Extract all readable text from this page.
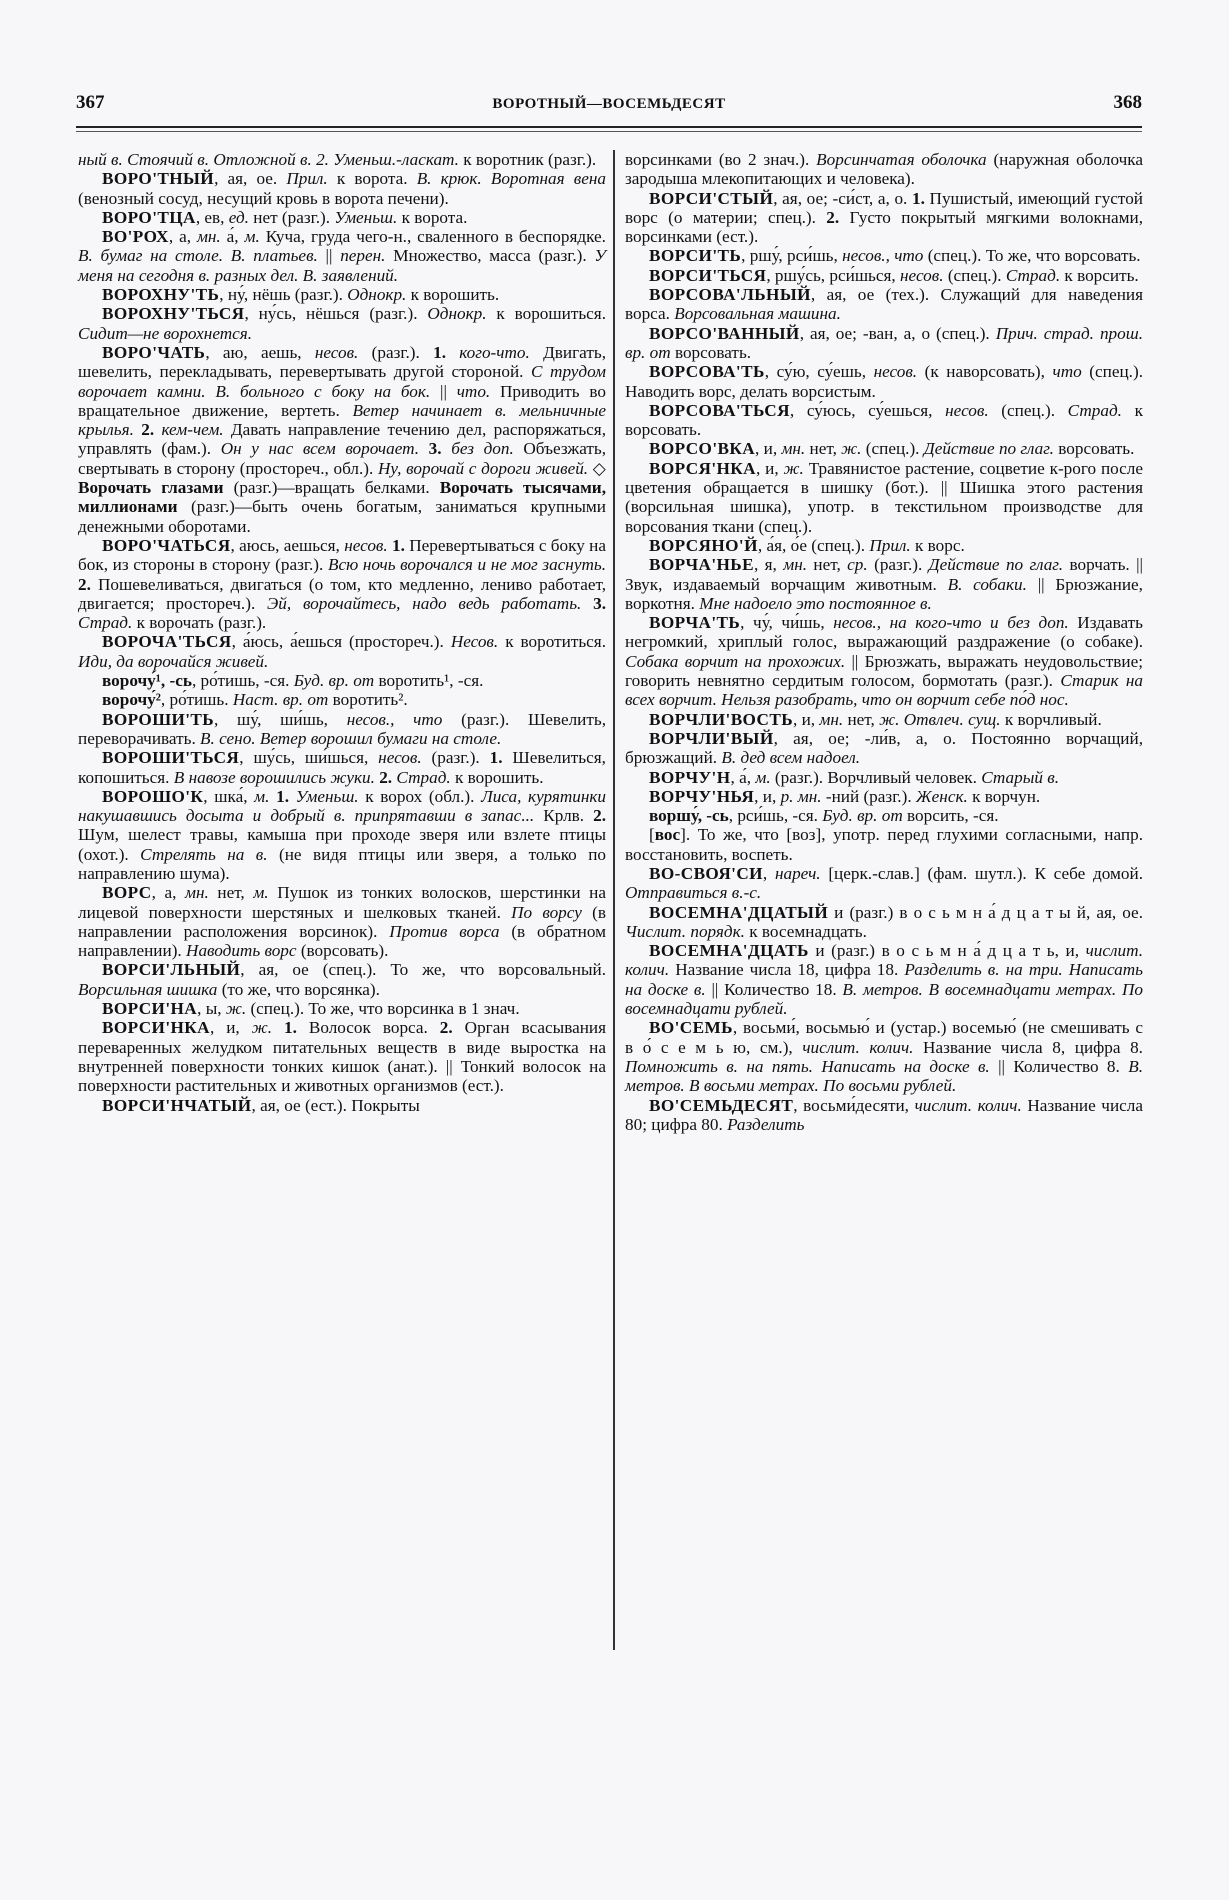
367	ВОРОТНЫЙ—ВОСЕМЬДЕСЯТ	368

ный в. Стоячий в. Отложной в. 2. Уменьш.-ласкат. к воротник (разг.).

ВОРО'ТНЫЙ, ая, ое. Прил. к ворота. В. крюк. Воротная вена (венозный сосуд, несущий кровь в ворота печени).

ВОРО'ТЦА, ев, ед. нет (разг.). Уменьш. к ворота.

ВО'РОХ, а, мн. а́, м. Куча, груда чего-н., сваленного в беспорядке. В. бумаг на столе. В. платьев. || перен. Множество, масса (разг.). У меня на сегодня в. разных дел. В. заявлений.

ВОРОХНУ'ТЬ, ну́, нёшь (разг.). Однокр. к ворошить.

ВОРОХНУ'ТЬСЯ, ну́сь, нёшься (разг.). Однокр. к ворошиться. Сидит—не ворохнется.

ВОРО'ЧАТЬ, аю, аешь, несов. (разг.). 1. кого-что. Двигать, шевелить, перекладывать, перевертывать другой стороной. С трудом ворочает камни. В. больного с боку на бок. || что. Приводить во вращательное движение, вертеть. Ветер начинает в. мельничные крылья. 2. кем-чем. Давать направление течению дел, распоряжаться, управлять (фам.). Он у нас всем ворочает. 3. без доп. Объезжать, свертывать в сторону (простореч., обл.). Ну, ворочай с дороги живей. ◇ Ворочать глазами (разг.)—вращать белками. Ворочать тысячами, миллионами (разг.)—быть очень богатым, заниматься крупными денежными оборотами.

ВОРО'ЧАТЬСЯ, аюсь, аешься, несов. 1. Перевертываться с боку на бок, из стороны в сторону (разг.). Всю ночь ворочался и не мог заснуть. 2. Пошевеливаться, двигаться (о том, кто медленно, лениво работает, двигается; простореч.). Эй, ворочайтесь, надо ведь работать. 3. Страд. к ворочать (разг.).

ВОРОЧА'ТЬСЯ, а́юсь, а́ешься (простореч.). Несов. к воротиться. Иди, да ворочайся живей.

ворочу́¹, -сь, ро́тишь, -ся. Буд. вр. от воротить¹, -ся.

ворочу́², ро́тишь. Наст. вр. от воротить².

ВОРОШИ'ТЬ, шу́, ши́шь, несов., что (разг.). Шевелить, переворачивать. В. сено. Ветер ворошил бумаги на столе.

ВОРОШИ'ТЬСЯ, шу́сь, ши́шься, несов. (разг.). 1. Шевелиться, копошиться. В навозе ворошились жуки. 2. Страд. к ворошить.

ВОРОШО'К, шка́, м. 1. Уменьш. к ворох (обл.). Лиса, курятинки накушавшись досыта и добрый в. припрятавши в запас... Крлв. 2. Шум, шелест травы, камыша при проходе зверя или взлете птицы (охот.). Стрелять на в. (не видя птицы или зверя, а только по направлению шума).

ВОРС, а, мн. нет, м. Пушок из тонких волосков, шерстинки на лицевой поверхности шерстяных и шелковых тканей. По ворсу (в направлении расположения ворсинок). Против ворса (в обратном направлении). Наводить ворс (ворсовать).

ВОРСИ'ЛЬНЫЙ, ая, ое (спец.). То же, что ворсовальный. Ворсильная шишка (то же, что ворсянка).

ВОРСИ'НА, ы, ж. (спец.). То же, что ворсинка в 1 знач.

ВОРСИ'НКА, и, ж. 1. Волосок ворса. 2. Орган всасывания переваренных желудком питательных веществ в виде выростка на внутренней поверхности тонких кишок (анат.). || Тонкий волосок на поверхности растительных и животных организмов (ест.).

ВОРСИ'НЧАТЫЙ, ая, ое (ест.). Покрыты

ворсинками (во 2 знач.). Ворсинчатая оболочка (наружная оболочка зародыша млекопитающих и человека).

ВОРСИ'СТЫЙ, ая, ое; -си́ст, а, о. 1. Пушистый, имеющий густой ворс (о материи; спец.). 2. Густо покрытый мягкими волокнами, ворсинками (ест.).

ВОРСИ'ТЬ, ршу́, рси́шь, несов., что (спец.). То же, что ворсовать.

ВОРСИ'ТЬСЯ, ршу́сь, рси́шься, несов. (спец.). Страд. к ворсить.

ВОРСОВА'ЛЬНЫЙ, ая, ое (тех.). Служащий для наведения ворса. Ворсовальная машина.

ВОРСО'ВАННЫЙ, ая, ое; -ван, а, о (спец.). Прич. страд. прош. вр. от ворсовать.

ВОРСОВА'ТЬ, су́ю, су́ешь, несов. (к наворсовать), что (спец.). Наводить ворс, делать ворсистым.

ВОРСОВА'ТЬСЯ, су́юсь, су́ешься, несов. (спец.). Страд. к ворсовать.

ВОРСО'ВКА, и, мн. нет, ж. (спец.). Действие по глаг. ворсовать.

ВОРСЯ'НКА, и, ж. Травянистое растение, соцветие к-рого после цветения обращается в шишку (бот.). || Шишка этого растения (ворсильная шишка), употр. в текстильном производстве для ворсования ткани (спец.).

ВОРСЯНО'Й, а́я, о́е (спец.). Прил. к ворс.

ВОРЧА'НЬЕ, я, мн. нет, ср. (разг.). Действие по глаг. ворчать. || Звук, издаваемый ворчащим животным. В. собаки. || Брюзжание, воркотня. Мне надоело это постоянное в.

ВОРЧА'ТЬ, чу́, чи́шь, несов., на кого-что и без доп. Издавать негромкий, хриплый голос, выражающий раздражение (о собаке). Собака ворчит на прохожих. || Брюзжать, выражать неудовольствие; говорить невнятно сердитым голосом, бормотать (разг.). Старик на всех ворчит. Нельзя разобрать, что он ворчит себе по́д нос.

ВОРЧЛИ'ВОСТЬ, и, мн. нет, ж. Отвлеч. сущ. к ворчливый.

ВОРЧЛИ'ВЫЙ, ая, ое; -ли́в, а, о. Постоянно ворчащий, брюзжащий. В. дед всем надоел.

ВОРЧУ'Н, а́, м. (разг.). Ворчливый человек. Старый в.

ВОРЧУ'НЬЯ, и, р. мн. -ний (разг.). Женск. к ворчун.

воршу́, -сь, рси́шь, -ся. Буд. вр. от ворсить, -ся.

[вос]. То же, что [воз], употр. перед глухими согласными, напр. восстановить, воспеть.

ВО-СВОЯ'СИ, нареч. [церк.-слав.] (фам. шутл.). К себе домой. Отправиться в.-с.

ВОСЕМНА'ДЦАТЫЙ и (разг.) в о с ь м н а́ д ц а т ы й, ая, ое. Числит. порядк. к восемнадцать.

ВОСЕМНА'ДЦАТЬ и (разг.) в о с ь м н а́ д ц а т ь, и, числит. колич. Название числа 18, цифра 18. Разделить в. на три. Написать на доске в. || Количество 18. В. метров. В восемнадцати метрах. По восемнадцати рублей.

ВО'СЕМЬ, восьми́, восьмью́ и (устар.) восемью́ (не смешивать с в о́ с е м ь ю, см.), числит. колич. Название числа 8, цифра 8. Помножить в. на пять. Написать на доске в. || Количество 8. В. метров. В восьми метрах. По восьми рублей.

ВО'СЕМЬДЕСЯТ, восьми́десяти, числит. колич. Название числа 80; цифра 80. Разделить
